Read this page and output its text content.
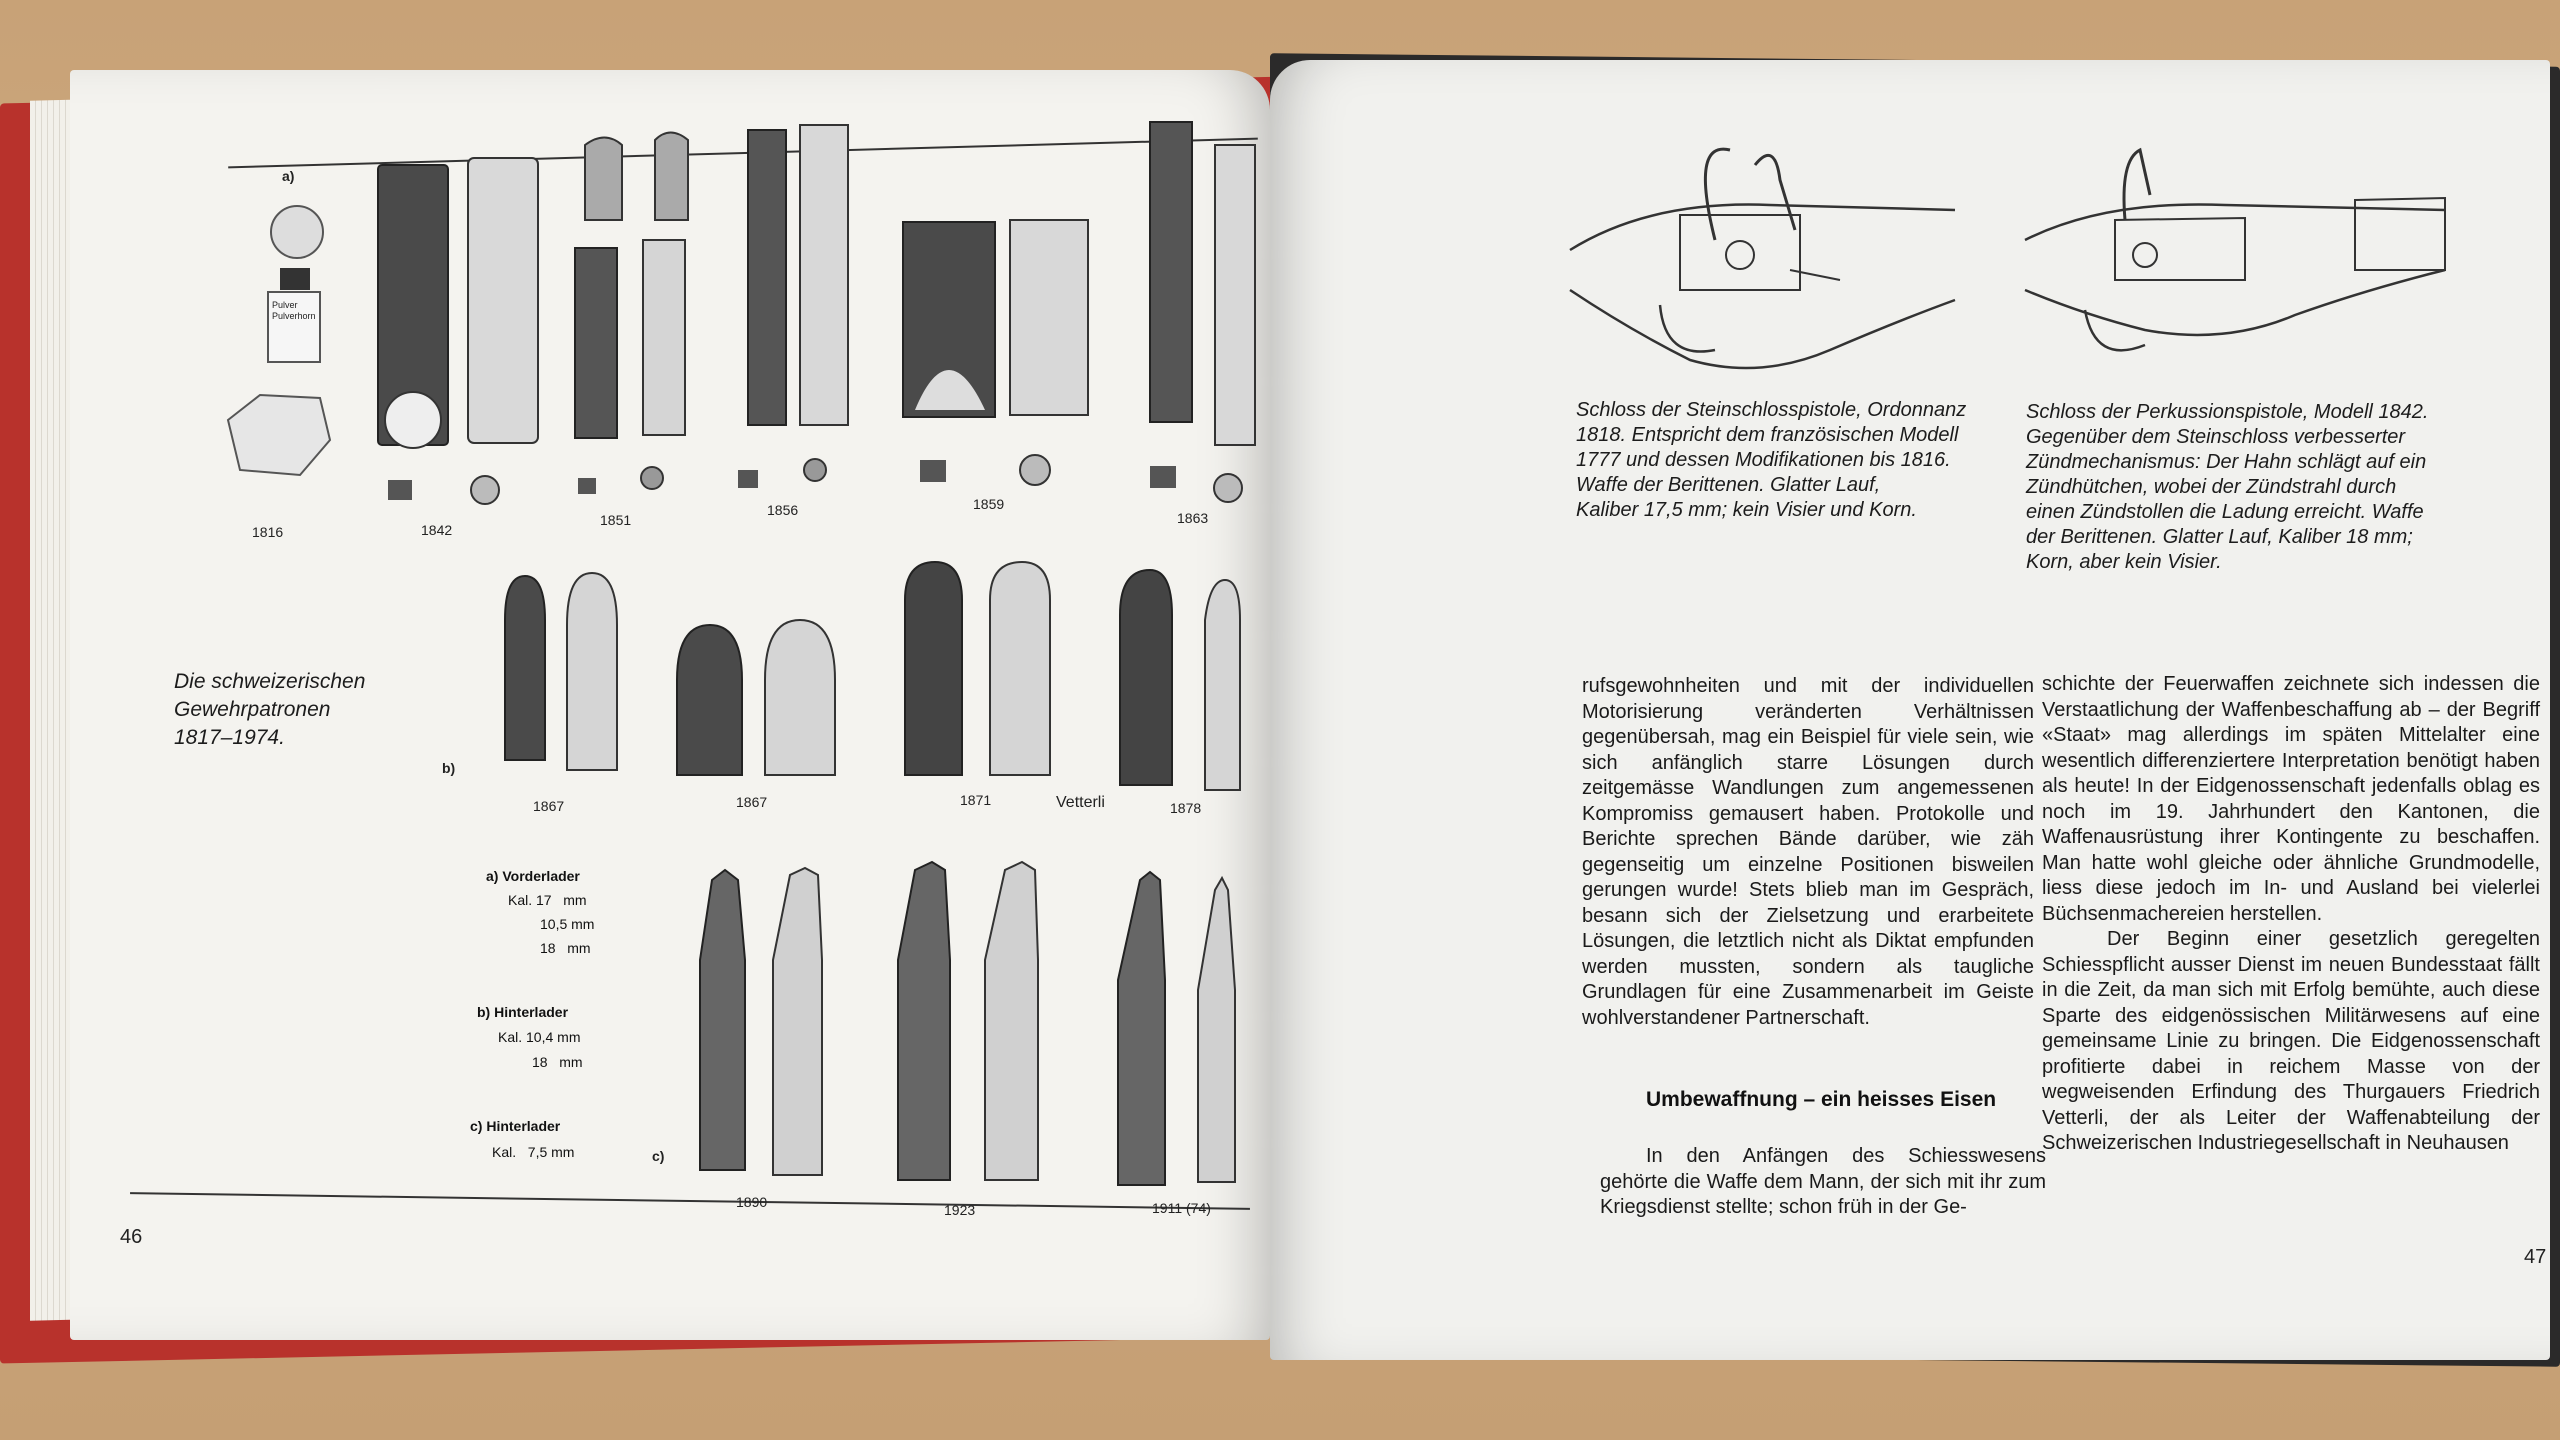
a)
b)
c)
1816	1842
1851
1856	1859
1863
Pulver
Pulverhorn
Die schweizerischen
Gewehrpatronen
1817–1974.
1867	1867	1871	Vetterli	1878
1890	1923	1911 (74)
a) Vorderlader
Kal. 17   mm
10,5 mm
18   mm
b) Hinterlader
Kal. 10,4 mm
18   mm
c) Hinterlader
Kal.   7,5 mm
46
Schloss der Steinschlosspistole, Ordonnanz
1818. Entspricht dem französischen Modell
1777 und dessen Modifikationen bis 1816.
Waffe der Berittenen. Glatter Lauf,
Kaliber 17,5 mm; kein Visier und Korn.
Schloss der Perkussionspistole, Modell 1842.
Gegenüber dem Steinschloss verbesserter
Zündmechanismus: Der Hahn schlägt auf ein
Zündhütchen, wobei der Zündstrahl durch
einen Zündstollen die Ladung erreicht. Waffe
der Berittenen. Glatter Lauf, Kaliber 18 mm;
Korn, aber kein Visier.

rufsgewohnheiten und mit der individuellen Motorisierung veränderten Verhältnissen gegenübersah, mag ein Beispiel für viele sein, wie sich anfänglich starre Lösungen durch zeitgemässe Wandlungen zum angemessenen Kompromiss gemausert haben. Protokolle und Berichte sprechen Bände darüber, wie zäh gegenseitig um einzelne Positionen bisweilen gerungen wurde! Stets blieb man im Gespräch, besann sich der Zielsetzung und erarbeitete Lösungen, die letztlich nicht als Diktat empfunden werden mussten, sondern als taugliche Grundlagen für eine Zusammenarbeit im Geiste wohlverstandener Partnerschaft.

Umbewaffnung – ein heisses Eisen

In den Anfängen des Schiesswesens gehörte die Waffe dem Mann, der sich mit ihr zum Kriegsdienst stellte; schon früh in der Ge-

schichte der Feuerwaffen zeichnete sich indessen die Verstaatlichung der Waffenbeschaffung ab – der Begriff «Staat» mag allerdings im späten Mittelalter eine wesentlich differenziertere Interpretation benötigt haben als heute! In der Eidgenossenschaft jedenfalls oblag es noch im 19. Jahrhundert den Kantonen, die Waffenausrüstung ihrer Kontingente zu beschaffen. Man hatte wohl gleiche oder ähnliche Grundmodelle, liess diese jedoch im In- und Ausland bei vielerlei Büchsenmachereien herstellen.

Der Beginn einer gesetzlich geregelten Schiesspflicht ausser Dienst im neuen Bundesstaat fällt in die Zeit, da man sich mit Erfolg bemühte, auch diese Sparte des eidgenössischen Militärwesens auf eine gemeinsame Linie zu bringen. Die Eidgenossenschaft profitierte dabei in reichem Masse von der wegweisenden Erfindung des Thurgauers Friedrich Vetterli, der als Leiter der Waffenabteilung der Schweizerischen Industriegesellschaft in Neuhausen

47
